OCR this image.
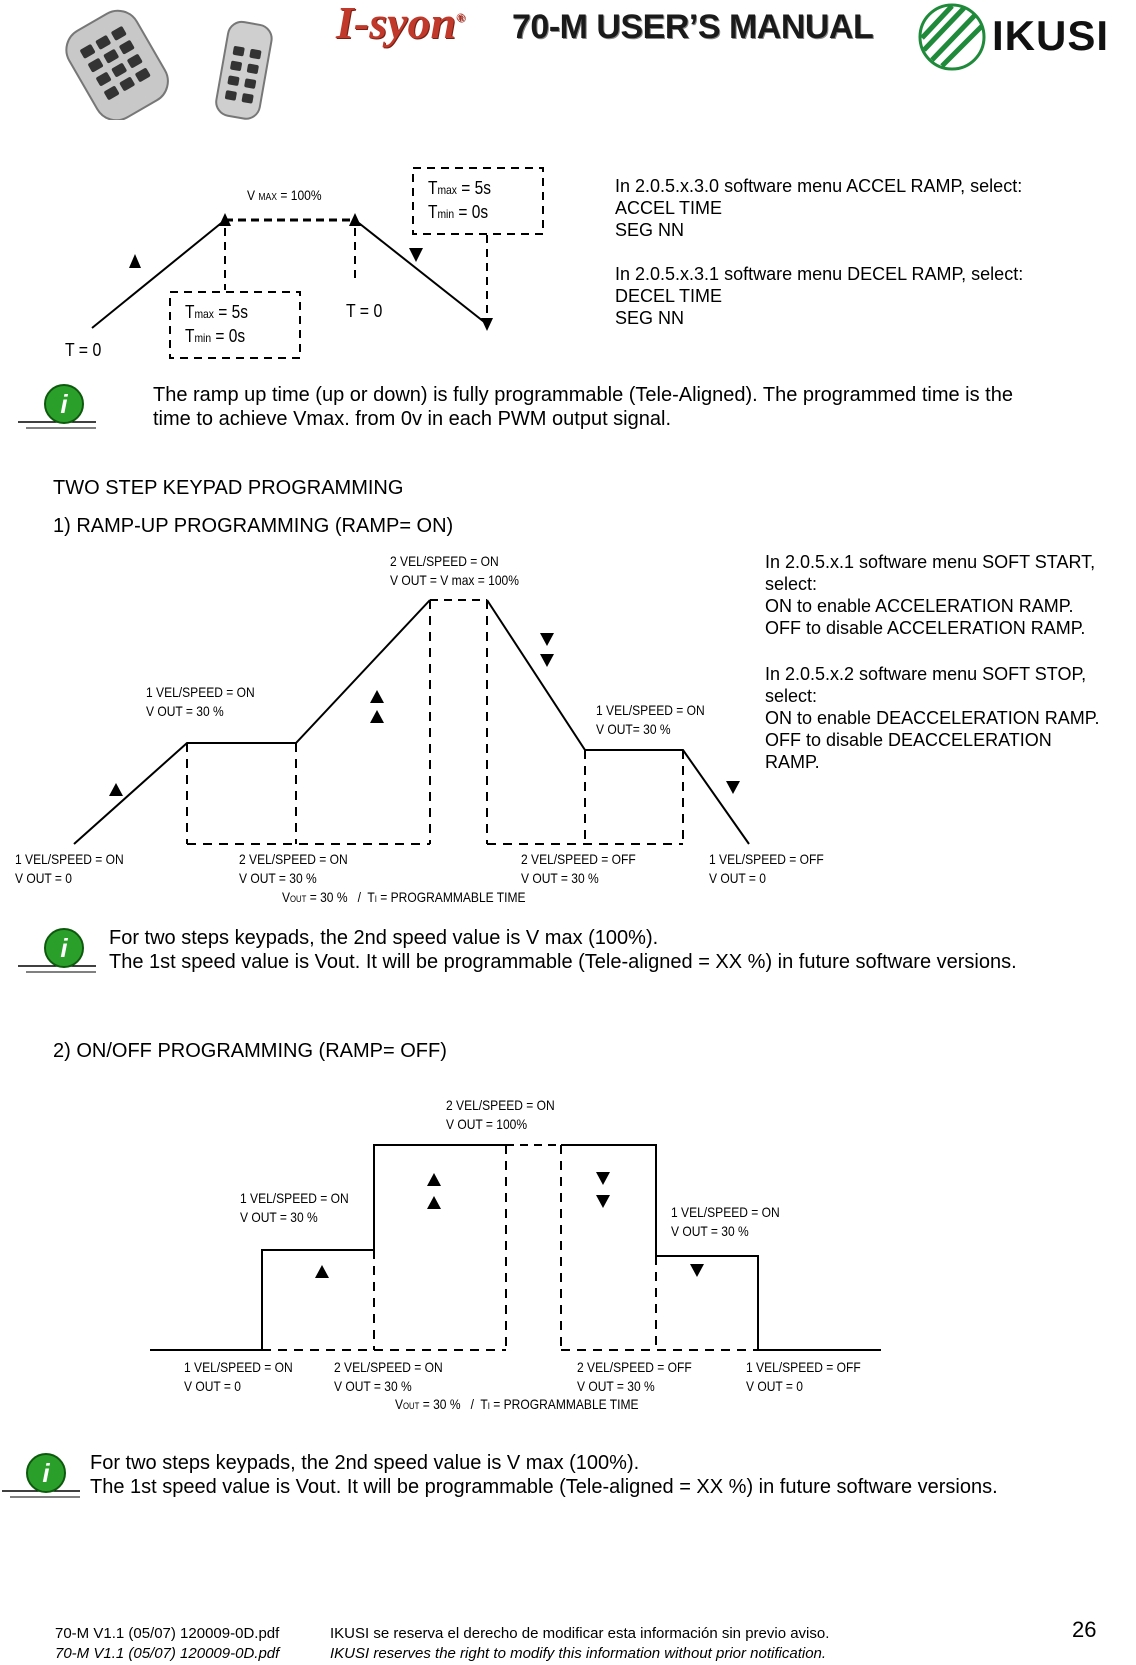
I-syon® 70-M USER’S MANUAL	IKUSI
V MAX = 100%	Tmax = 5s
Tmin = 0s
Tmax = 5s
Tmin = 0s
T = 0
T = 0
In 2.0.5.x.3.0 software menu ACCEL RAMP, select:
ACCEL TIME
SEG NN
In 2.0.5.x.3.1 software menu DECEL RAMP, select:
DECEL TIME
SEG NN
i	The ramp up time (up or down) is fully programmable (Tele-Aligned). The programmed time is the
time to achieve Vmax. from 0v in each PWM output signal.
TWO STEP KEYPAD PROGRAMMING
1) RAMP-UP PROGRAMMING (RAMP= ON)
2 VEL/SPEED = ON
V OUT = V max = 100%
1 VEL/SPEED = ON
V OUT = 30 %	1 VEL/SPEED = ON
V OUT= 30 %
1 VEL/SPEED = ON
V OUT = 0
2 VEL/SPEED = ON
V OUT = 30 %
2 VEL/SPEED = OFF
V OUT = 30 %
1 VEL/SPEED = OFF
V OUT = 0
VOUT = 30 %   /  TI = PROGRAMMABLE TIME
In 2.0.5.x.1 software menu SOFT START,
select:
ON to enable ACCELERATION RAMP.
OFF to disable ACCELERATION RAMP.
In 2.0.5.x.2 software menu SOFT STOP,
select:
ON to enable DEACCELERATION RAMP.
OFF to disable DEACCELERATION
RAMP.
i For two steps keypads, the 2nd speed value is V max (100%).
The 1st speed value is Vout. It will be programmable (Tele-aligned = XX %) in future software versions.
2) ON/OFF PROGRAMMING (RAMP= OFF)
2 VEL/SPEED = ON
V OUT = 100%
1 VEL/SPEED = ON
V OUT = 30 %	1 VEL/SPEED = ON
V OUT = 30 %
1 VEL/SPEED = ON
V OUT = 0
2 VEL/SPEED = ON
V OUT = 30 %
2 VEL/SPEED = OFF
V OUT = 30 %
1 VEL/SPEED = OFF
V OUT = 0
VOUT = 30 %   /  TI = PROGRAMMABLE TIME
i For two steps keypads, the 2nd speed value is V max (100%).
The 1st speed value is Vout. It will be programmable (Tele-aligned = XX %) in future software versions.
70-M V1.1 (05/07) 120009-0D.pdf	IKUSI se reserva el derecho de modificar esta información sin previo aviso.
70-M V1.1 (05/07) 120009-0D.pdf	IKUSI reserves the right to modify this information without prior notification.
26
